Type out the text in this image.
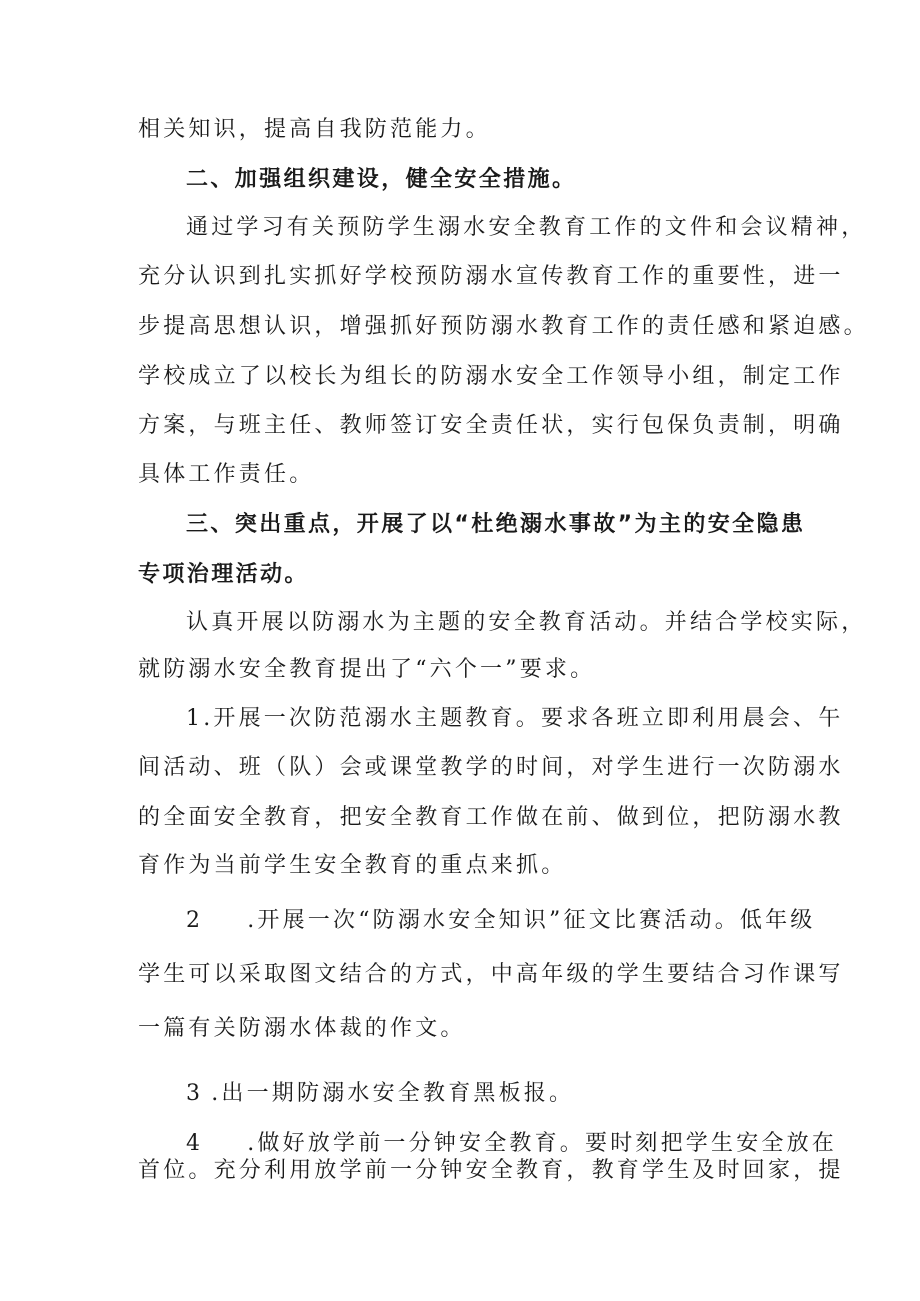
相关知识，提高自我防范能力。
二、加强组织建设，健全安全措施。
通过学习有关预防学生溺水安全教育工作的文件和会议精神，
充分认识到扎实抓好学校预防溺水宣传教育工作的重要性，进一
步提高思想认识，增强抓好预防溺水教育工作的责任感和紧迫感。
学校成立了以校长为组长的防溺水安全工作领导小组，制定工作
方案，与班主任、教师签订安全责任状，实行包保负责制，明确
具体工作责任。
三、突出重点，开展了以“杜绝溺水事故”为主的安全隐患
专项治理活动。
认真开展以防溺水为主题的安全教育活动。并结合学校实际，
就防溺水安全教育提出了“六个一”要求。
1.开展一次防范溺水主题教育。要求各班立即利用晨会、午
间活动、班（队）会或课堂教学的时间，对学生进行一次防溺水
的全面安全教育，把安全教育工作做在前、做到位，把防溺水教
育作为当前学生安全教育的重点来抓。
2 .开展一次“防溺水安全知识”征文比赛活动。低年级
学生可以采取图文结合的方式，中高年级的学生要结合习作课写
一篇有关防溺水体裁的作文。
3 .出一期防溺水安全教育黑板报。
4 .做好放学前一分钟安全教育。要时刻把学生安全放在
首位。充分利用放学前一分钟安全教育，教育学生及时回家，提
